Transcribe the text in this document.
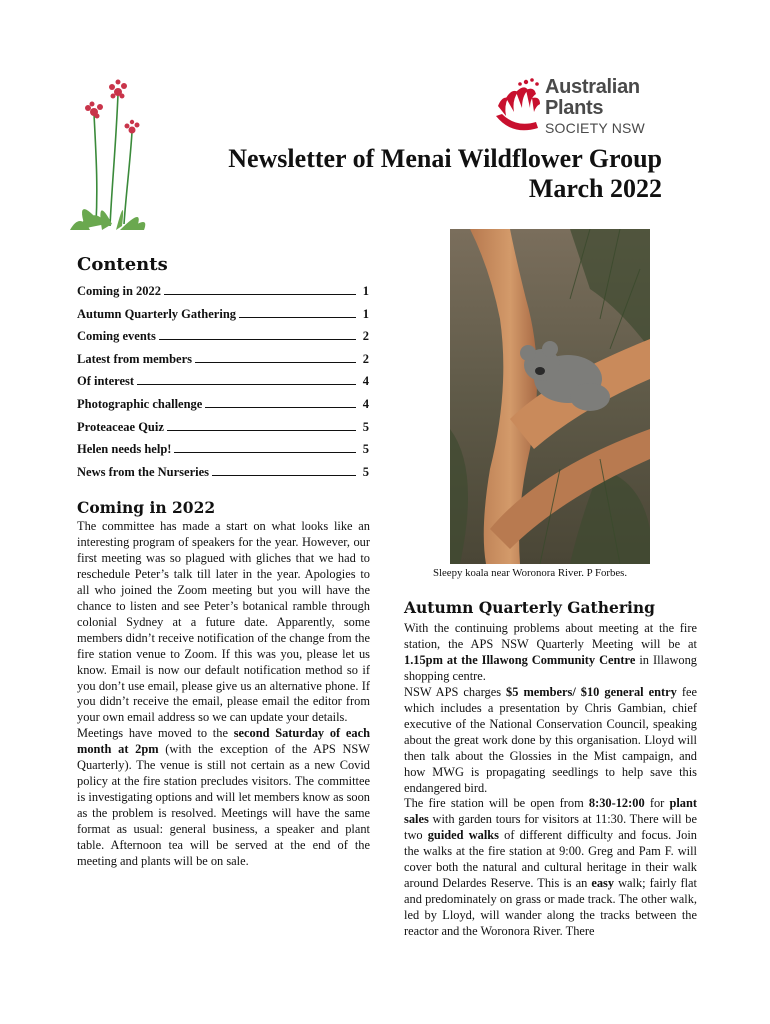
Australian
Plants
SOCIETY NSW
Newsletter of Menai Wildflower Group
March 2022
Contents
Coming in 2022	1
Autumn Quarterly Gathering	1
Coming events	2
Latest from members	2
Of interest	4
Photographic challenge	4
Proteaceae Quiz	5
Helen needs help!	5
News from the Nurseries	5
Coming in 2022

The committee has made a start on what looks like an interesting program of speakers for the year. However, our first meeting was so plagued with gliches that we had to reschedule Peter’s talk till later in the year. Apologies to all who joined the Zoom meeting but you will have the chance to listen and see Peter’s botanical ramble through colonial Sydney at a future date. Apparently, some members didn’t receive notification of the change from the fire station venue to Zoom. If this was you, please let us know. Email is now our default notification method so if you don’t use email, please give us an alternative phone. If you didn’t receive the email, please email the editor from your own email address so we can update your details.

Meetings have moved to the second Saturday of each month at 2pm (with the exception of the APS NSW Quarterly). The venue is still not certain as a new Covid policy at the fire station precludes visitors. The committee is investigating options and will let members know as soon as the problem is resolved. Meetings will have the same format as usual: general business, a speaker and plant table. Afternoon tea will be served at the end of the meeting and plants will be on sale.

Sleepy koala near Woronora River. P Forbes.
Autumn Quarterly Gathering

With the continuing problems about meeting at the fire station, the APS NSW Quarterly Meeting will be at 1.15pm at the Illawong Community Centre in Illawong shopping centre.

NSW APS charges $5 members/ $10 general entry fee which includes a presentation by Chris Gambian, chief executive of the National Conservation Council, speaking about the great work done by this organisation. Lloyd will then talk about the Glossies in the Mist campaign, and how MWG is propagating seedlings to help save this endangered bird.

The fire station will be open from 8:30-12:00 for plant sales with garden tours for visitors at 11:30. There will be two guided walks of different difficulty and focus. Join the walks at the fire station at 9:00. Greg and Pam F. will cover both the natural and cultural heritage in their walk around Delardes Reserve. This is an easy walk; fairly flat and predominately on grass or made track. The other walk, led by Lloyd, will wander along the tracks between the reactor and the Woronora River. There
